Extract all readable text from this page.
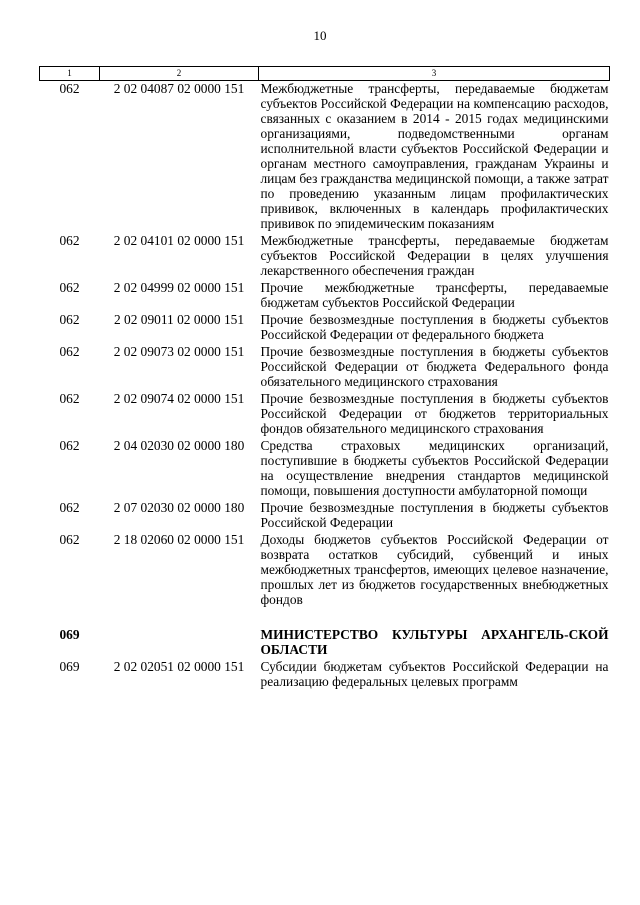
10
1	2	3
062	2 02 04087 02 0000 151	Межбюджетные трансферты, передаваемые бюджетам субъектов Российской Федерации на компенсацию расходов, связанных с оказанием в 2014 - 2015 годах медицинскими организациями, подведомственными органам исполнительной власти субъектов Российской Федерации и органам местного самоуправления, гражданам Украины и лицам без гражданства медицинской помощи, а также затрат по проведению указанным лицам профилактических прививок, включенных в календарь профилактических прививок по эпидемическим показаниям
062	2 02 04101 02 0000 151	Межбюджетные трансферты, передаваемые бюджетам субъектов Российской Федерации в целях улучшения лекарственного обеспечения граждан
062	2 02 04999 02 0000 151	Прочие межбюджетные трансферты, передаваемые бюджетам субъектов Российской Федерации
062	2 02 09011 02 0000 151	Прочие безвозмездные поступления в бюджеты субъектов Российской Федерации от федерального бюджета
062	2 02 09073 02 0000 151	Прочие безвозмездные поступления в бюджеты субъектов Российской Федерации от бюджета Федерального фонда обязательного медицинского страхования
062	2 02 09074 02 0000 151	Прочие безвозмездные поступления в бюджеты субъектов Российской Федерации от бюджетов территориальных фондов обязательного медицинского страхования
062	2 04 02030 02 0000 180	Средства страховых медицинских организаций, поступившие в бюджеты субъектов Российской Федерации на осуществление внедрения стандартов медицинской помощи, повышения доступности амбулаторной помощи
062	2 07 02030 02 0000 180	Прочие безвозмездные поступления в бюджеты субъектов Российской Федерации
062	2 18 02060 02 0000 151	Доходы бюджетов субъектов Российской Федерации от возврата остатков субсидий, субвенций и иных межбюджетных трансфертов, имеющих целевое назначение, прошлых лет из бюджетов государственных внебюджетных фондов

069		МИНИСТЕРСТВО КУЛЬТУРЫ АРХАНГЕЛЬ-СКОЙ ОБЛАСТИ
069	2 02 02051 02 0000 151	Субсидии бюджетам субъектов Российской Федерации на реализацию федеральных целевых программ
